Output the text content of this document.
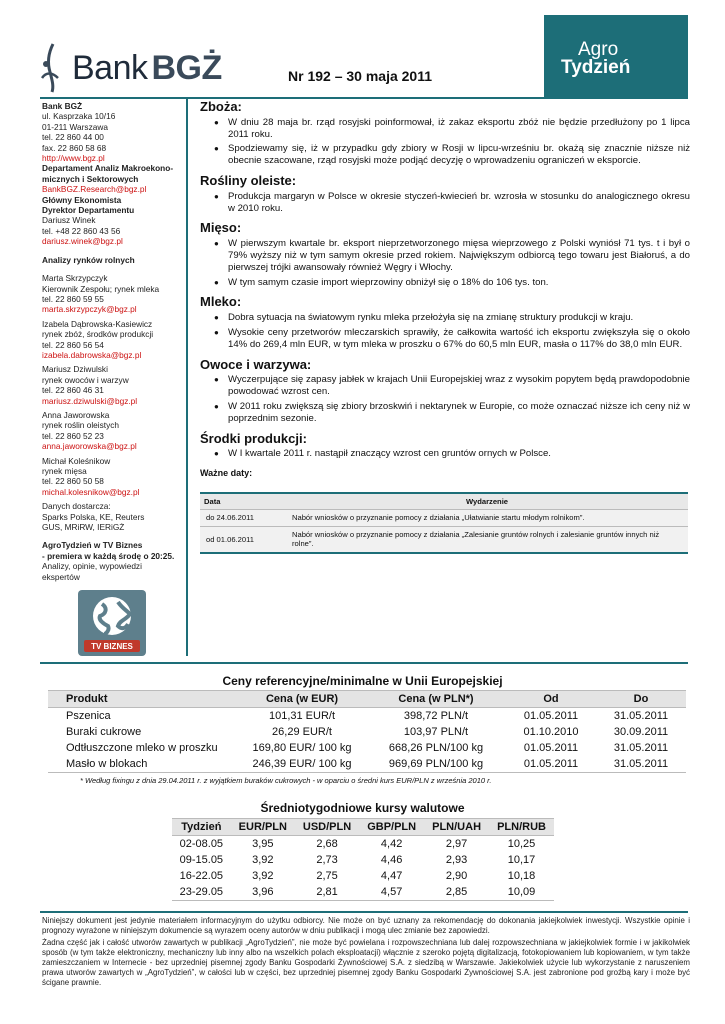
Bank BGŻ	Nr 192 – 30 maja 2011
Agro
Tydzień
Bank BGŻ
ul. Kasprzaka 10/16
01-211 Warszawa
tel. 22 860 44 00
fax. 22 860 58 68
http://www.bgz.pl
Departament Analiz Makroekono-
micznych i Sektorowych
BankBGZ.Research@bgz.pl
Główny Ekonomista
Dyrektor Departamentu
Dariusz Winek
tel. +48 22 860 43 56
dariusz.winek@bgz.pl
Analizy rynków rolnych
Marta Skrzypczyk
Kierownik Zespołu; rynek mleka
tel. 22 860 59 55
marta.skrzypczyk@bgz.pl
Izabela Dąbrowska-Kasiewicz
rynek zbóż, środków produkcji
tel. 22 860 56 54
izabela.dabrowska@bgz.pl
Mariusz Dziwulski
rynek owoców i warzyw
tel. 22 860 46 31
mariusz.dziwulski@bgz.pl
Anna Jaworowska
rynek roślin oleistych
tel. 22 860 52 23
anna.jaworowska@bgz.pl
Michał Koleśnikow
rynek mięsa
tel. 22 860 50 58
michal.kolesnikow@bgz.pl
Danych dostarcza:
Sparks Polska, KE, Reuters
GUS, MRiRW, IERiGŻ
AgroTydzień w TV Biznes
- premiera w każdą środę o 20:25.
Analizy, opinie, wypowiedzi
ekspertów
TV BIZNES
Zboża:
● W dniu 28 maja br. rząd rosyjski poinformował, iż zakaz eksportu zbóż nie będzie przedłużony po 1 lipca 2011 roku.
● Spodziewamy się, iż w przypadku gdy zbiory w Rosji w lipcu-wrześniu br. okażą się znacznie niższe niż obecnie szacowane, rząd rosyjski może podjąć decyzję o wprowadzeniu ograniczeń w eksporcie.
Rośliny oleiste:
● Produkcja margaryn w Polsce w okresie styczeń-kwiecień br. wzrosła w stosunku do analogicznego okresu w 2010 roku.
Mięso:
● W pierwszym kwartale br. eksport nieprzetworzonego mięsa wieprzowego z Polski wyniósł 71 tys. t i był o 79% wyższy niż w tym samym okresie przed rokiem. Największym odbiorcą tego towaru jest Białoruś, a do pierwszej trójki awansowały również Węgry i Włochy.
● W tym samym czasie import wieprzowiny obniżył się o 18% do 106 tys. ton.
Mleko:
● Dobra sytuacja na światowym rynku mleka przełożyła się na zmianę struktury produkcji w kraju.
● Wysokie ceny przetworów mleczarskich sprawiły, że całkowita wartość ich eksportu zwiększyła się o około 14% do 269,4 mln EUR, w tym mleka w proszku o 67% do 60,5 mln EUR, masła o 117% do 38,0 mln EUR.
Owoce i warzywa:
● Wyczerpujące się zapasy jabłek w krajach Unii Europejskiej wraz z wysokim popytem będą prawdopodobnie powodować wzrost cen.
● W 2011 roku zwiększą się zbiory brzoskwiń i nektarynek w Europie, co może oznaczać niższe ich ceny niż w poprzednim sezonie.
Środki produkcji:
● W I kwartale 2011 r. nastąpił znaczący wzrost cen gruntów ornych w Polsce.
Ważne daty:
Data	Wydarzenie
do 24.06.2011	Nabór wniosków o przyznanie pomocy z działania „Ułatwianie startu młodym rolnikom”.
od 01.06.2011	Nabór wniosków o przyznanie pomocy z działania „Zalesianie gruntów rolnych i zalesianie gruntów innych niż rolne”.
Ceny referencyjne/minimalne w Unii Europejskiej
Produkt	Cena (w EUR)	Cena (w PLN*)	Od	Do
Pszenica	101,31 EUR/t	398,72 PLN/t	01.05.2011	31.05.2011
Buraki cukrowe	26,29 EUR/t	103,97 PLN/t	01.10.2010	30.09.2011
Odtłuszczone mleko w proszku	169,80 EUR/ 100 kg	668,26 PLN/100 kg	01.05.2011	31.05.2011
Masło w blokach	246,39 EUR/ 100 kg	969,69 PLN/100 kg	01.05.2011	31.05.2011
* Według fixingu z dnia 29.04.2011 r. z wyjątkiem buraków cukrowych - w oparciu o średni kurs EUR/PLN z września 2010 r.
Średniotygodniowe kursy walutowe
Tydzień	EUR/PLN	USD/PLN	GBP/PLN	PLN/UAH	PLN/RUB
02-08.05	3,95	2,68	4,42	2,97	10,25
09-15.05	3,92	2,73	4,46	2,93	10,17
16-22.05	3,92	2,75	4,47	2,90	10,18
23-29.05	3,96	2,81	4,57	2,85	10,09

Niniejszy dokument jest jedynie materiałem informacyjnym do użytku odbiorcy. Nie może on być uznany za rekomendację do dokonania jakiejkolwiek inwestycji. Wszystkie opinie i prognozy wyrażone w niniejszym dokumencie są wyrazem oceny autorów w dniu publikacji i mogą ulec zmianie bez zapowiedzi.

Żadna część jak i całość utworów zawartych w publikacji „AgroTydzień”, nie może być powielana i rozpowszechniana lub dalej rozpowszechniana w jakiejkolwiek formie i w jakikolwiek sposób (w tym także elektroniczny, mechaniczny lub inny albo na wszelkich polach eksploatacji) włącznie z szeroko pojętą digitalizacją, fotokopiowaniem lub kopiowaniem, w tym także zamieszczaniem w Internecie - bez uprzedniej pisemnej zgody Banku Gospodarki Żywnościowej S.A. z siedzibą w Warszawie. Jakiekolwiek użycie lub wykorzystanie z naruszeniem prawa utworów zawartych w „AgroTydzień”, w całości lub w części, bez uprzedniej pisemnej zgody Banku Gospodarki Żywnościowej S.A. jest zabronione pod groźbą kary i może być ścigane prawnie.
